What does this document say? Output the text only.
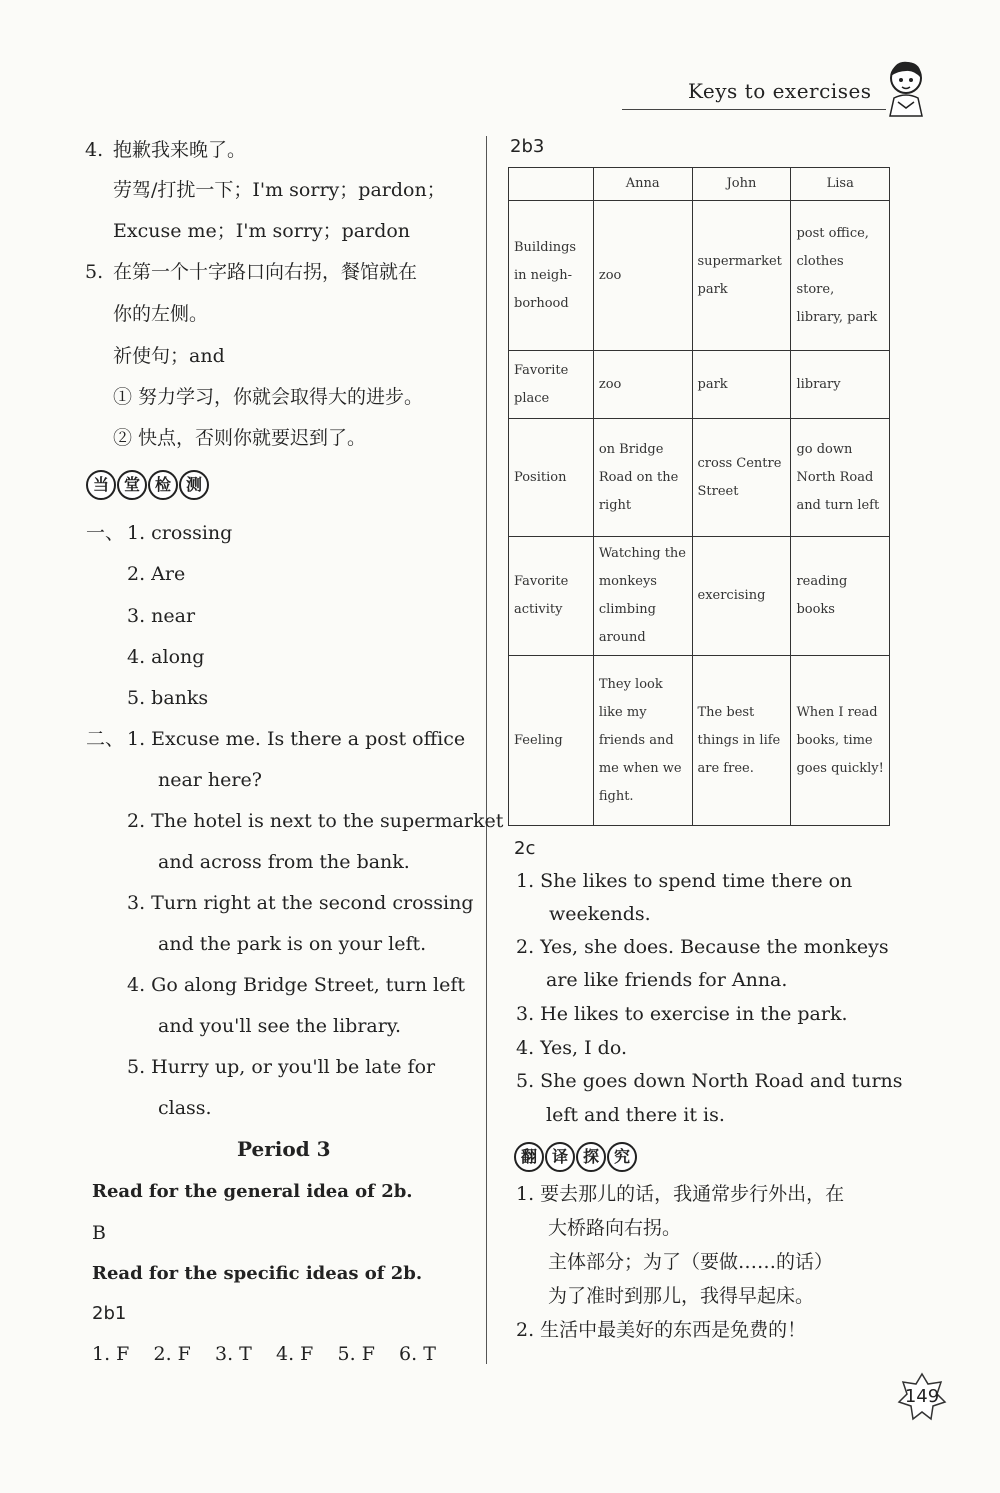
Keys to exercises
4. 抱歉我来晚了。
劳驾/打扰一下；I'm sorry；pardon；
Excuse me；I'm sorry；pardon
5. 在第一个十字路口向右拐，餐馆就在
你的左侧。
祈使句；and
① 努力学习，你就会取得大的进步。
② 快点，否则你就要迟到了。
当 堂 检 测
一、 1. crossing
2. Are
3. near
4. along
5. banks
二、 1. Excuse me. Is there a post office
near here?
2. The hotel is next to the supermarket
and across from the bank.
3. Turn right at the second crossing
and the park is on your left.
4. Go along Bridge Street, turn left
and you'll see the library.
5. Hurry up, or you'll be late for
class.
Period 3
Read for the general idea of 2b.
B
Read for the specific ideas of 2b.
2b1
1. F    2. F    3. T    4. F    5. F    6. T
2b3
	Anna	John	Lisa
Buildings in neigh-borhood	zoo	supermarket park	post office, clothes store, library, park
Favorite place	zoo	park	library
Position	on Bridge Road on the right	cross Centre Street	go down North Road and turn left
Favorite activity	Watching the monkeys climbing around	exercising	reading books
Feeling	They look like my friends and me when we fight.	The best things in life are free.	When I read books, time goes quickly!
2c
1. She likes to spend time there on
weekends.
2. Yes, she does. Because the monkeys
are like friends for Anna.
3. He likes to exercise in the park.
4. Yes, I do.
5. She goes down North Road and turns
left and there it is.
翻 译 探 究
1. 要去那儿的话，我通常步行外出，在
大桥路向右拐。
主体部分；为了（要做……的话）
为了准时到那儿，我得早起床。
2. 生活中最美好的东西是免费的！
149
